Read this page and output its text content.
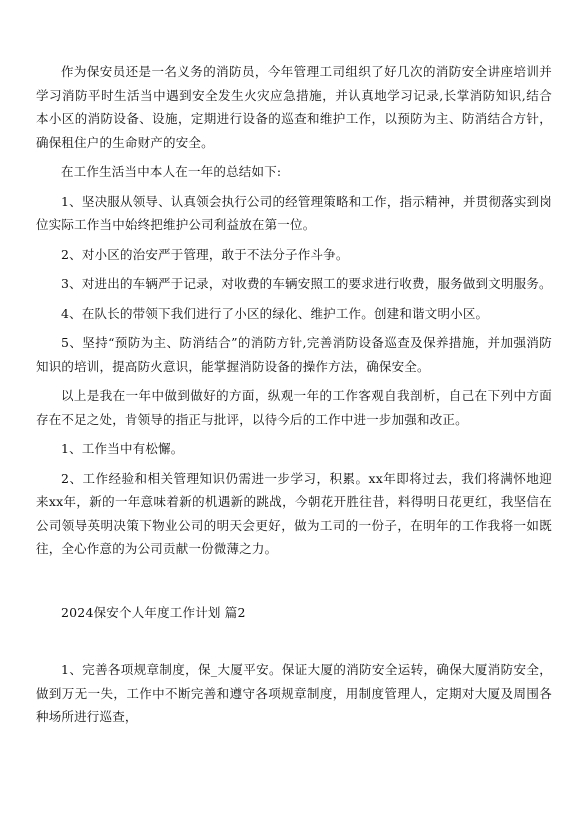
作为保安员还是一名义务的消防员，今年管理工司组织了好几次的消防安全讲座培训并学习消防平时生活当中遇到安全发生火灾应急措施，并认真地学习记录,长掌消防知识,结合本小区的消防设备、设施，定期进行设备的巡查和维护工作，以预防为主、防消结合方针，确保租住户的生命财产的安全。

在工作生活当中本人在一年的总结如下:

1、坚决服从领导、认真领会执行公司的经管理策略和工作，指示精神，并贯彻落实到岗位实际工作当中始终把维护公司利益放在第一位。

2、对小区的治安严于管理，敢于不法分子作斗争。

3、对进出的车辆严于记录，对收费的车辆安照工的要求进行收费，服务做到文明服务。

4、在队长的带领下我们进行了小区的绿化、维护工作。创建和谐文明小区。

5、坚持“预防为主、防消结合”的消防方针,完善消防设备巡查及保养措施，并加强消防知识的培训，提高防火意识，能掌握消防设备的操作方法，确保安全。

以上是我在一年中做到做好的方面，纵观一年的工作客观自我剖析，自己在下列中方面存在不足之处，肯领导的指正与批评，以待今后的工作中进一步加强和改正。

1、工作当中有松懈。

2、工作经验和相关管理知识仍需进一步学习，积累。xx年即将过去，我们将满怀地迎来xx年，新的一年意味着新的机遇新的跳战，今朝花开胜往昔，料得明日花更红，我坚信在公司领导英明决策下物业公司的明天会更好，做为工司的一份子，在明年的工作我将一如既往，全心作意的为公司贡献一份微薄之力。

2024保安个人年度工作计划 篇2

1、完善各项规章制度，保_大厦平安。保证大厦的消防安全运转，确保大厦消防安全，做到万无一失，工作中不断完善和遵守各项规章制度，用制度管理人，定期对大厦及周围各种场所进行巡查，
